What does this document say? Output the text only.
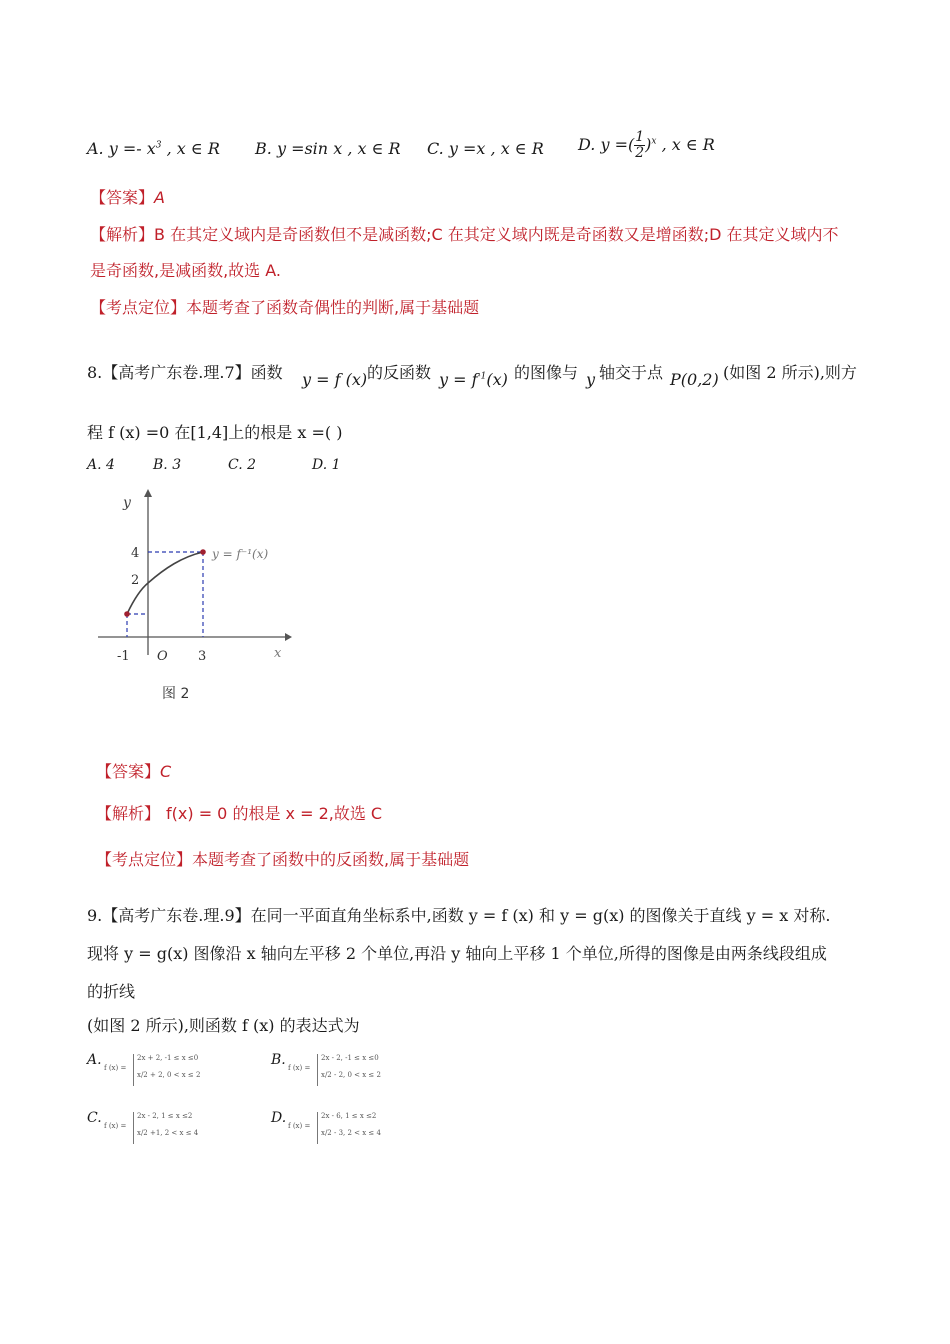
A. $y =- x^3$ , x ∈ R B. y =sin x , x ∈ R C. y =x , x ∈ R D. y =( $\frac{1}{2} )^x$ , x ∈ R
【答案】A
【解析】B 在其定义域内是奇函数但不是减函数;C 在其定义域内既是奇函数又是增函数;D 在其定义域内不
是奇函数,是减函数,故选 A.
【考点定位】本题考查了函数奇偶性的判断,属于基础题
8.【高考广东卷.理.7】函数 y = f (x) 的反函数 $y = f^{-1}(x)$ 的图像与 y 轴交于点 P(0,2) (如图 2 所示),则方
程 f (x) =0 在[1,4]上的根是 x =( )
A. 4	B. 3	C. 2	D. 1
y
x
4
2
-1 O 3
y = f⁻¹(x)
图 2
【答案】C
【解析】 f(x) = 0 的根是 x = 2,故选 C
【考点定位】本题考查了函数中的反函数,属于基础题
9.【高考广东卷.理.9】在同一平面直角坐标系中,函数 y = f (x) 和 y = g(x) 的图像关于直线 y = x 对称.
现将 y = g(x) 图像沿 x 轴向左平移 2 个单位,再沿 y 轴向上平移 1 个单位,所得的图像是由两条线段组成
的折线
(如图 2 所示),则函数 f (x) 的表达式为
A. f (x) =
2x + 2, -1 ≤ x ≤0
x/2 + 2, 0 < x ≤ 2
B. f (x) =
2x - 2, -1 ≤ x ≤0
x/2 - 2, 0 < x ≤ 2
C. f (x) =
2x - 2, 1 ≤ x ≤2
x/2 +1, 2 < x ≤ 4
D. f (x) =
2x - 6, 1 ≤ x ≤2
x/2 - 3, 2 < x ≤ 4
